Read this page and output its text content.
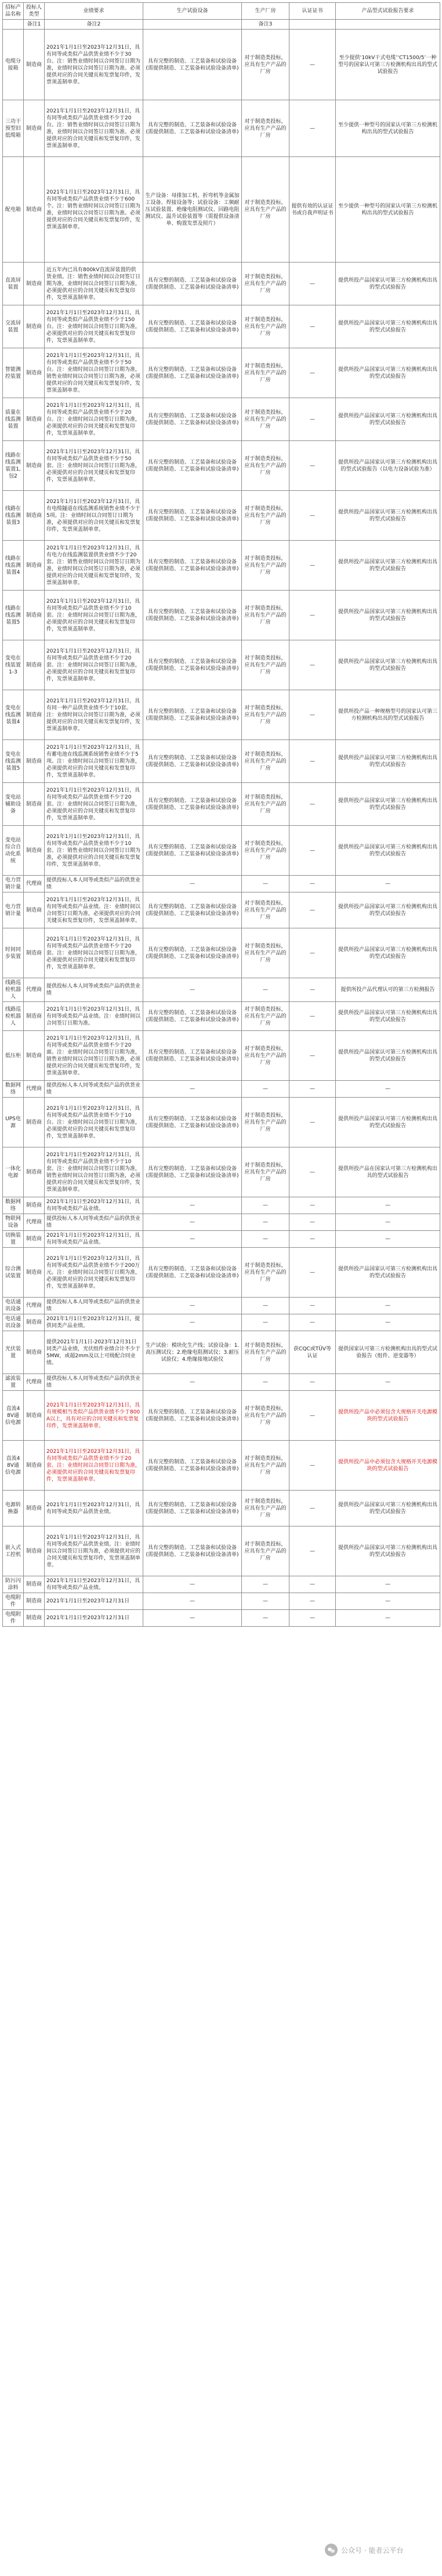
招标产品名称	投标人类型	业绩要求	生产试验设备	生产厂房	认证证书	产品型式试验报告要求
	备注1	备注2		备注3		
电缆分接箱	制造商	2021年1月1日至2023年12月31日，具有同等或类似产品供货业绩不少于30台。注：销售业绩时间以合同签订日期为准，业绩时间以合同签订日期为准。必须提供对应的合同关键页和发票复印件，发票须盖制单章。	具有完整的制造、工艺装备和试验设备(需提供制造、工艺装备和试验设备清单)	对于制造类投标，应具有生产产品的厂房	—	至少提供‘10kV干式电缆’‘CT1500/5’一种型号的国家认可第三方检测机构出具的型式试验报告
三功干预型旧低缆箱	制造商	2021年1月1日至2023年12月31日，具有同等或类似产品供货业绩不少于20台。注：销售业绩时间以合同签订日期为准，业绩时间以合同签订日期为准。必须提供对应的合同关键页和发票复印件，发票须盖制单章。	具有完整的制造、工艺装备和试验设备(需提供制造、工艺装备和试验设备清单)	对于制造类投标，应具有生产产品的厂房	—	至少提供一种型号的国家认可第三方检测机构出具的型式试验报告
配电箱	制造商	2021年1月1日至2023年12月31日，具有同等或类似产品供货业绩不少于600个。注：销售业绩时间以合同签订日期为准，业绩时间以合同签订日期为准。必须提供对应的合同关键页和发票复印件，发票须盖制单章。	生产设备：母排加工机、折弯机等金属加工设备、焊接设备等；试验设备：工频耐压试验装置、绝缘电阻测试仪、回路电阻测试仪、温升试验装置等（需提供设备清单、购置发票及照片）	对于制造类投标，应具有生产产品的厂房	提供有效的认证证书或自我声明证书	至少提供一种型号的国家认可第三方检测机构出具的型式试验报告
直流屏装置	制造商	近五年内已具有800kV直流屏装置的供货业绩。注：销售业绩时间以合同签订日期为准，业绩时间以合同签订日期为准，必须提供对应的合同关键页和发票复印件，发票须盖制单章。	具有完整的制造、工艺装备和试验设备(需提供制造、工艺装备和试验设备清单)	对于制造类投标，应具有生产产品的厂房	—	提供所投产品国家认可第三方检测机构出具的型式试验报告
交流屏装置	制造商	2021年1月1日至2023年12月31日，具有同等或类似产品供货业绩不少于150台。注：业绩时间以合同签订日期为准，必须提供对应的合同关键页和发票复印件，发票须盖制单章。	具有完整的制造、工艺装备和试验设备(需提供制造、工艺装备和试验设备清单)	对于制造类投标，应具有生产产品的厂房	—	提供所投产品国家认可第三方检测机构出具的型式试验报告
智能测控装置	制造商	2021年1月1日至2023年12月31日，具有同等或类似产品供货业绩不少于50台。注：业绩时间以合同签订日期为准，销售业绩时间以合同签订日期为准，必须提供对应的合同关键页和发票复印件，发票须盖制单章。	具有完整的制造、工艺装备和试验设备(需提供制造、工艺装备和试验设备清单)	对于制造类投标，应具有生产产品的厂房	—	提供所投产品国家认可第三方检测机构出具的型式试验报告
质量在线监测装置	制造商	2021年1月1日至2023年12月31日，具有同等或类似产品供货业绩不少于20台。注：业绩时间以合同签订日期为准，必须提供对应的合同关键页和发票复印件，发票须盖制单章。	具有完整的制造、工艺装备和试验设备(需提供制造、工艺装备和试验设备清单)	对于制造类投标，应具有生产产品的厂房	—	提供所投产品国家认可第三方检测机构出具的型式试验报告
线路在线监测装置1,包2	制造商	2021年1月1日至2023年12月31日，具有同等或类似产品供货业绩不少于50套。注：业绩时间以合同签订日期为准，必须提供对应的合同关键页和发票复印件，发票须盖制单章。	具有完整的制造、工艺装备和试验设备(需提供制造、工艺装备和试验设备清单)	对于制造类投标，应具有生产产品的厂房	—	提供所投产品国家认可第三方检测机构出具的型式试验报告（以电力设备试验为准）
线路在线监测装置3	制造商	2021年1月1日至2023年12月31日，具有电缆隧道在线监测系统销售业绩不少于5项。注：业绩时间以合同签订日期为准，必须提供对应的合同关键页和发票复印件，发票须盖制单章。	具有完整的制造、工艺装备和试验设备(需提供制造、工艺装备和试验设备清单)	对于制造类投标，应具有生产产品的厂房	—	提供所投产品国家认可第三方检测机构出具的型式试验报告
线路在线监测装置4	制造商	2021年1月1日至2023年12月31日，具有电力在线监测装置供货业绩不少于20套。注：销售业绩时间以合同签订日期为准，业绩时间以合同签订日期为准，必须提供对应的合同关键页和发票复印件，发票须盖制单章。	具有完整的制造、工艺装备和试验设备(需提供制造、工艺装备和试验设备清单)	对于制造类投标，应具有生产产品的厂房	—	提供所投产品国家认可第三方检测机构出具的型式试验报告
线路在线监测装置5	制造商	2021年1月1日至2023年12月31日，具有同等或类似产品供货业绩不少于10套。注：业绩时间以合同签订日期为准，必须提供对应的合同关键页和发票复印件，发票须盖制单章。	具有完整的制造、工艺装备和试验设备(需提供制造、工艺装备和试验设备清单)	对于制造类投标，应具有生产产品的厂房	—	提供所投产品国家认可第三方检测机构出具的型式试验报告
变电在线装置1-3	制造商	2021年1月1日至2023年12月31日，具有同等或类似产品供货业绩不少于20套。注：业绩时间以合同签订日期为准，必须提供对应的合同关键页和发票复印件，发票须盖制单章。	具有完整的制造、工艺装备和试验设备(需提供制造、工艺装备和试验设备清单)	对于制造类投标，应具有生产产品的厂房	—	提供所投产品国家认可第三方检测机构出具的型式试验报告
变电在线监测装置4	制造商	2021年1月1日至2023年12月31日，具有同一种产品供货业绩不少于10套。注：业绩时间以合同签订日期为准，必须提供对应的合同关键页和发票复印件，发票须盖制单章。	具有完整的制造、工艺装备和试验设备(需提供制造、工艺装备和试验设备清单)	对于制造类投标，应具有生产产品的厂房	—	提供所投产品一种规格型号的国家认可第三方检测机构出具的型式试验报告
变电在线监测装置5	制造商	2021年1月1日至2023年12月31日，具有蓄电池在线监测系统销售业绩不少于5项。注：业绩时间以合同签订日期为准，必须提供对应的合同关键页和发票复印件，发票须盖制单章。	具有完整的制造、工艺装备和试验设备(需提供制造、工艺装备和试验设备清单)	对于制造类投标，应具有生产产品的厂房	—	提供所投产品国家认可第三方检测机构出具的型式试验报告
变电站辅助设备	制造商	2021年1月1日至2023年12月31日，具有同等或类似产品供货业绩不少于20套。注：业绩时间以合同签订日期为准，必须提供对应的合同关键页和发票复印件，发票须盖制单章。	具有完整的制造、工艺装备和试验设备(需提供制造、工艺装备和试验设备清单)	对于制造类投标，应具有生产产品的厂房	—	提供所投产品国家认可第三方检测机构出具的型式试验报告
变电站综合自动化系统	制造商	2021年1月1日至2023年12月31日，具有同等或类似产品供货业绩不少于10套。注：销售业绩时间以合同签订日期为准，必须提供对应的合同关键页和发票复印件，发票须盖制单章。	具有完整的制造、工艺装备和试验设备(需提供制造、工艺装备和试验设备清单)	对于制造类投标，应具有生产产品的厂房	—	提供所投产品国家认可第三方检测机构出具的型式试验报告
电力营销计量	代理商	提供投标人本人同等或类似产品的供货业绩	—	—	—	—
电力营销计量	制造商	2021年1月1日至2023年12月31日，具有同等或类似产品业绩。注：业绩时间以合同签订日期为准，必须提供对应的合同关键页和发票复印件，发票须盖制单章。	具有完整的制造、工艺装备和试验设备(需提供制造、工艺装备和试验设备清单)	对于制造类投标，应具有生产产品的厂房	—	提供所投产品国家认可第三方检测机构出具的型式试验报告
时间同步装置	制造商	2021年1月1日至2023年12月31日，具有同等或类似产品供货业绩不少于20套。注：业绩时间以合同签订日期为准，必须提供对应的合同关键页和发票复印件，发票须盖制单章。	具有完整的制造、工艺装备和试验设备(需提供制造、工艺装备和试验设备清单)	对于制造类投标，应具有生产产品的厂房	—	提供所投产品国家认可第三方检测机构出具的型式试验报告
线路巡检机器人	代理商	提供投标人本人同等或类似产品的供货业绩	—	—	—	提供所投产品代理认可的第三方检测报告
线路巡检机器人	制造商	2021年1月1日至2023年12月31日，具有同等或类似产品业绩。注：业绩时间以合同签订日期为准。	具有完整的制造、工艺装备和试验设备(需提供制造、工艺装备和试验设备清单)	对于制造类投标，应具有生产产品的厂房	—	提供所投产品国家认可第三方检测机构出具的型式试验报告
低压柜	制造商	2021年1月1日至2023年12月31日，具有同等或类似产品供货业绩不少于20面。注：业绩时间以合同签订日期为准，销售业绩时间以合同签订日期为准，必须提供对应的合同关键页和发票复印件，发票须盖制单章。	具有完整的制造、工艺装备和试验设备(需提供制造、工艺装备和试验设备清单)	对于制造类投标，应具有生产产品的厂房	—	提供所投产品国家认可第三方检测机构出具的型式试验报告
数据网络	代理商	提供投标人本人同等或类似产品的供货业绩	—	—	—	—
UPS电源	制造商	2021年1月1日至2023年12月31日，具有同等或类似产品供货业绩不少于10台。注：业绩时间以合同签订日期为准，必须提供对应的合同关键页和发票复印件，发票须盖制单章。	具有完整的制造、工艺装备和试验设备(需提供制造、工艺装备和试验设备清单)	对于制造类投标，应具有生产产品的厂房	—	提供所投产品国家认可第三方检测机构出具的型式试验报告
一体化电源	制造商	2021年1月1日至2023年12月31日，具有同等或类似产品供货业绩不少于10套。注：业绩时间以合同签订日期为准，销售业绩时间以合同签订日期为准，必须提供对应的合同关键页和发票复印件，发票须盖制单章。	具有完整的制造、工艺装备和试验设备(需提供制造、工艺装备和试验设备清单)	对于制造类投标，应具有生产产品的厂房	—	提供所投产品在国家认可第三方检测机构出具的型式试验报告
数据网络	制造商	2021年1月1日至2023年12月31日，具有同等或类似产品业绩。	—	—	—	—
物联网设备	代理商	提供投标人本人同等或类似产品的供货业绩	—	—	—	—
切换装置	制造商	2021年1月1日至2023年12月31日，具有同等或类似产品业绩。	—	—	—	—
综合测试装置	制造商	2021年1月1日至2023年12月31日，具有同等或类似产品供货业绩不少于200万元。注：业绩时间以合同签订日期为准，必须提供对应的合同关键页和发票复印件，发票须盖制单章。	具有完整的制造、工艺装备和试验设备(需提供制造、工艺装备和试验设备清单)	对于制造类投标，应具有生产产品的厂房	—	提供所投产品国家认可第三方检测机构出具的型式试验报告
电话通讯设备	代理商	提供投标人本人同等或类似产品的供货业绩	—	—	—	—
电话通讯设备	制造商	2021年1月1日至2023年12月31日，提供同类产品业绩。	—	—	—	—
光伏装置	制造商	提供2021年1月1日-2023年12月31日同类产品业绩，光伏组件业绩合计不少于5MW，或超2mm及以上可级配合同业绩。	生产试验：模块化生产线；试验设备：1.高压测试仪；2.绝缘电阻测试仪；3.耐压试验仪；4.绝缘接地试验仪	对于制造类投标，应具有生产产品的厂房	获CQC或TÜV等认证	提供国家认可第三方检测机构出具的型式试验报告（组件、逆变器等）
滤波装置	代理商	提供投标人本人同等或类似产品的供货业绩	—	—	—	—
直流48V通信电源	制造商	2021年1月1日至2023年12月31日，具有规模相当类似产品供货业绩不少于800A以上，具有对应的合同关键页和发票复印件，发票须盖制单章。	具有完整的制造、工艺装备和试验设备(需提供制造、工艺装备和试验设备清单)	对于制造类投标，应具有生产产品的厂房	—	提供所投产品中必须包含大规格开关电源模块的型式试验报告
直流48V通信电源	制造商	2021年1月1日至2023年12月31日，具有同等或类似产品供货业绩不少于20套。注：业绩时间以合同签订日期为准，必须提供对应的合同关键页和发票复印件，发票须盖制单章。	具有完整的制造、工艺装备和试验设备(需提供制造、工艺装备和试验设备清单)	对于制造类投标，应具有生产产品的厂房	—	提供所投产品中必须包含大规格开关电源模块的型式试验报告
电源转换器	制造商	2021年1月1日至2023年12月31日，具有同等或类似产品供货业绩。	具有完整的制造、工艺装备和试验设备(需提供制造、工艺装备和试验设备清单)	对于制造类投标，应具有生产产品的厂房	—	提供所投产品国家认可第三方检测机构出具的型式试验报告
嵌入式工控机	制造商	2021年1月1日至2023年12月31日，具有同等或类似产品供货业绩。注：业绩时间以合同签订日期为准，必须提供对应的合同关键页和发票复印件，发票须盖制单章。	具有完整的制造、工艺装备和试验设备(需提供制造、工艺装备和试验设备清单)	对于制造类投标，应具有生产产品的厂房	—	提供所投产品国家认可第三方检测机构出具的型式试验报告
防污闪涂料	制造商	2021年1月1日至2023年12月31日，具有同等或类似产品业绩。	—	—	—	—
电缆附件	制造商	2021年1月1日至2023年12月31日	—	—	—	—
电缆附件	制造商	2021年1月1日至2023年12月31日	—	—	—	—
公众号 · 能者云平台
